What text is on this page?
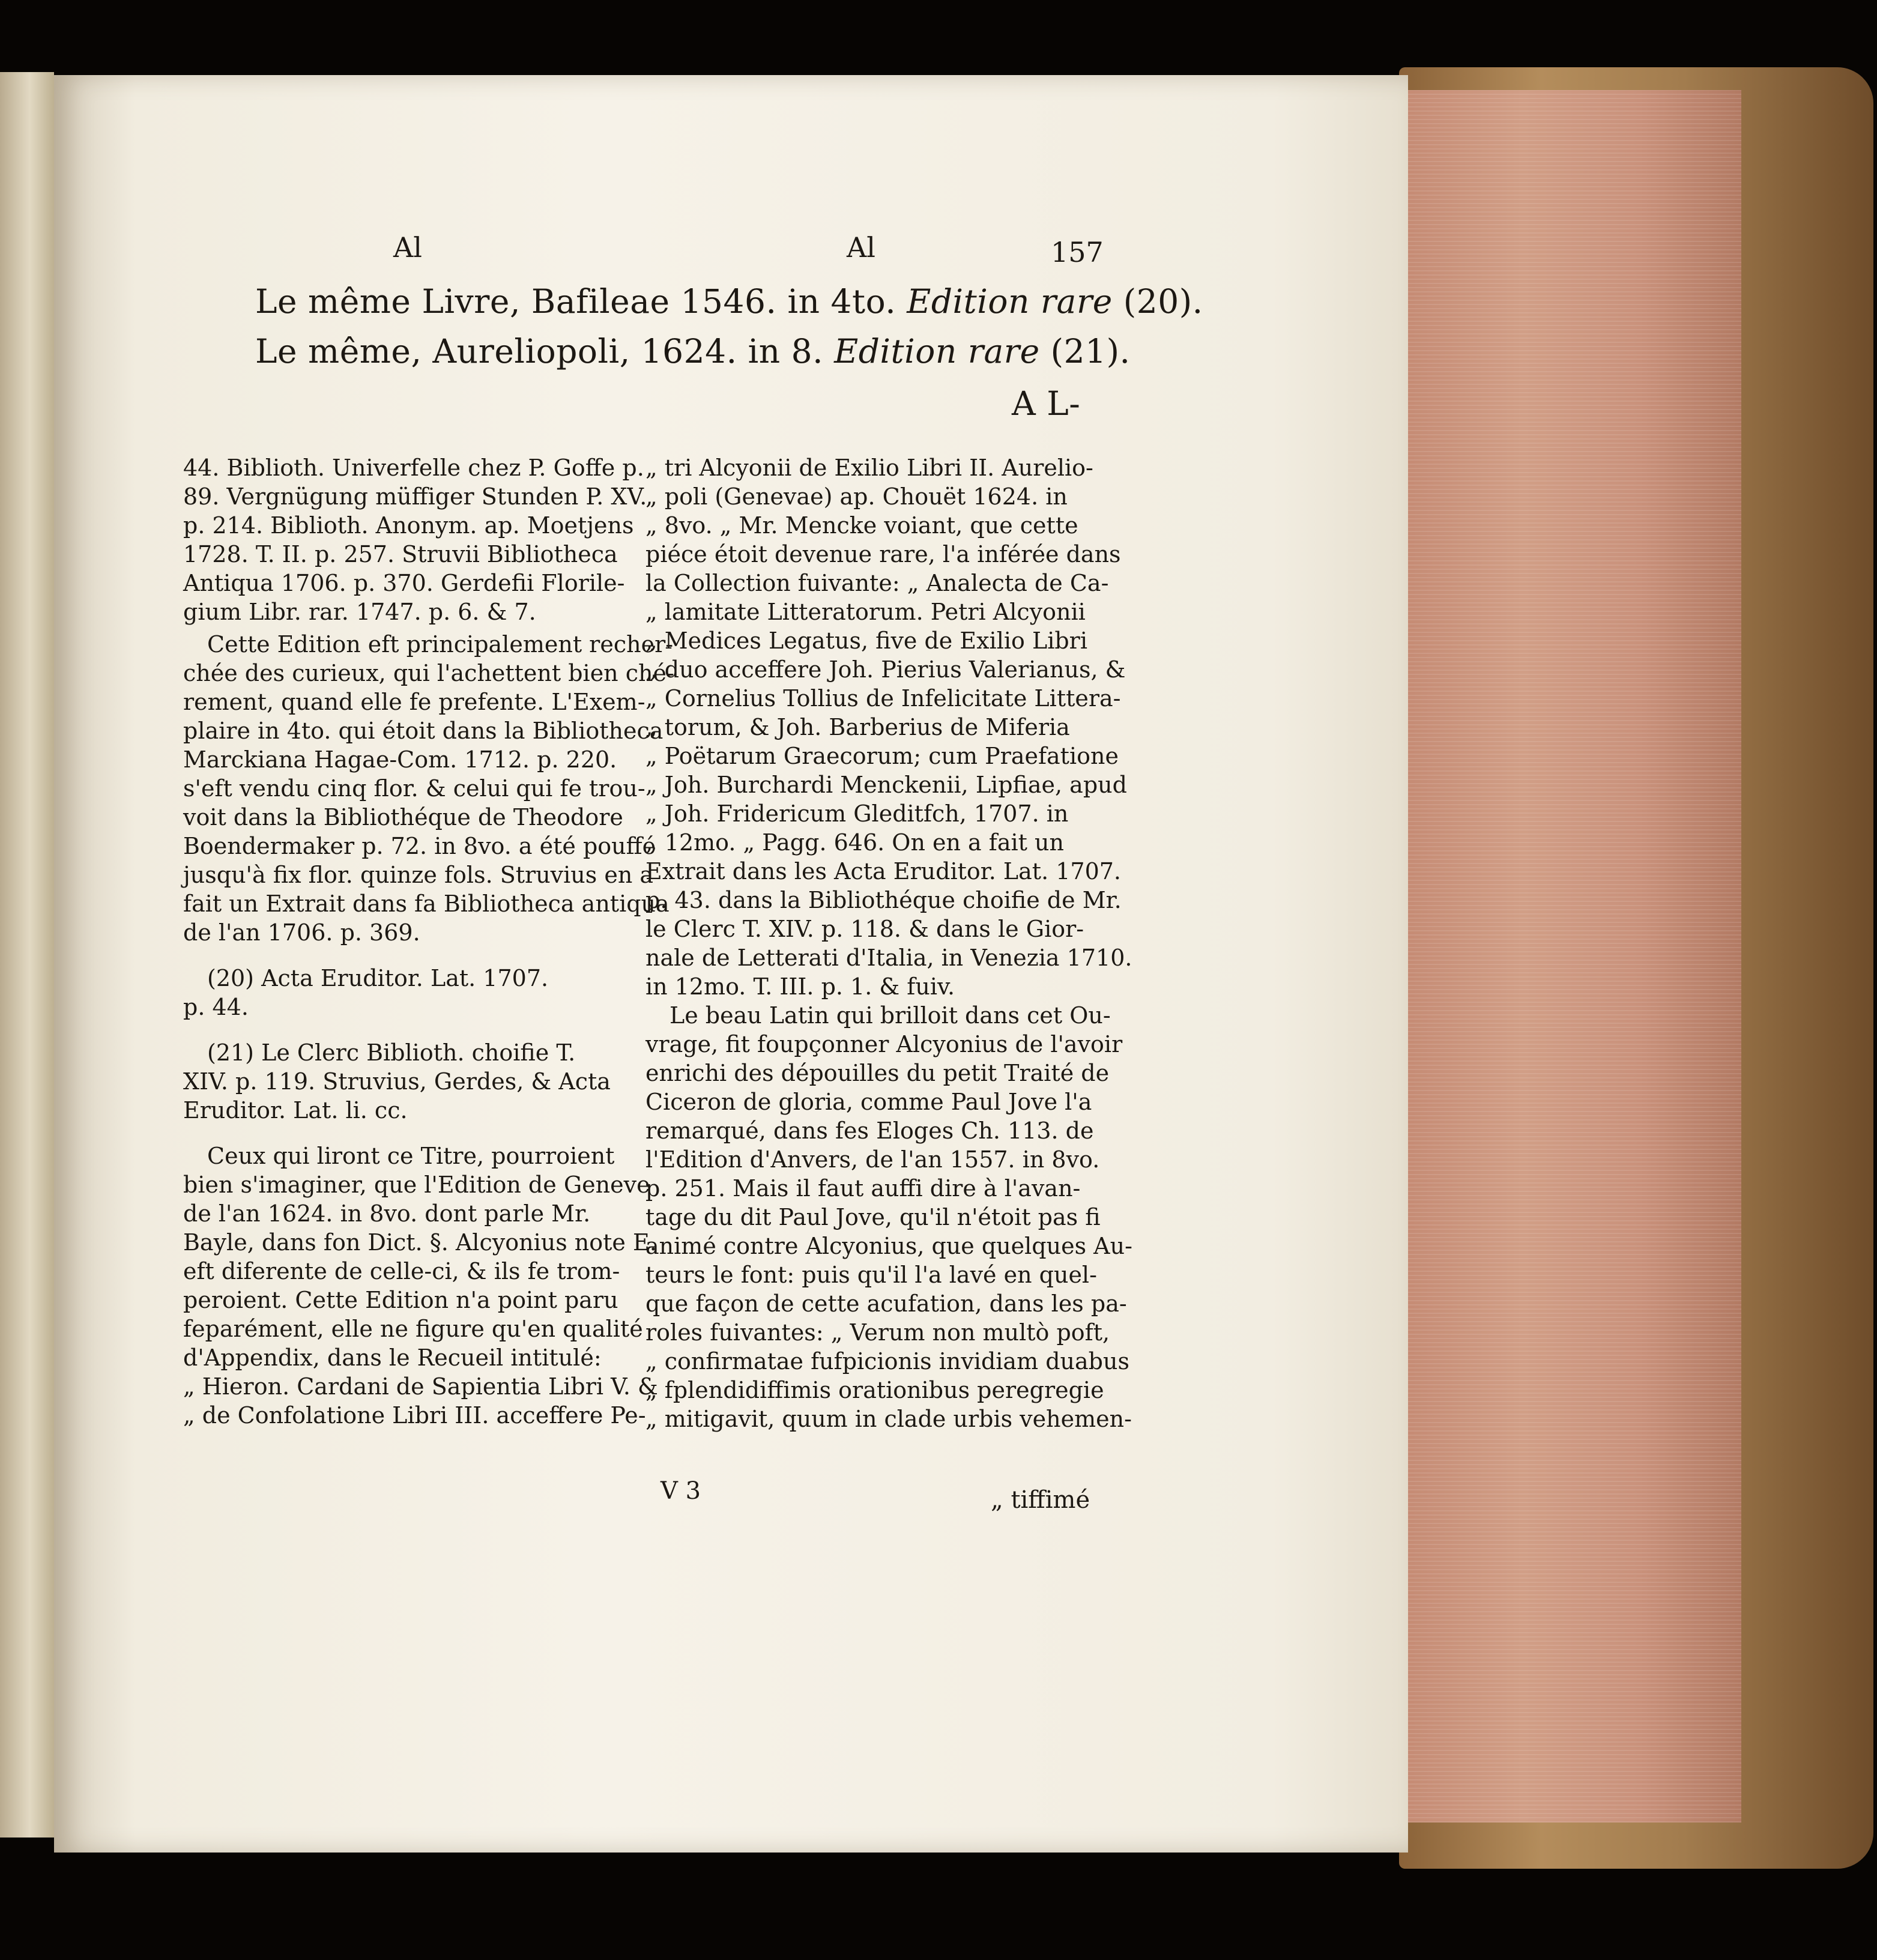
Al	Al	157
Le même Livre, Bafileae 1546. in 4to. Edition rare (20).
Le même, Aureliopoli, 1624. in 8. Edition rare (21).
A L-
44. Biblioth. Univerfelle chez P. Goffe p.
89. Vergnügung müffiger Stunden P. XV.
p. 214. Biblioth. Anonym. ap. Moetjens
1728. T. II. p. 257. Struvii Bibliotheca
Antiqua 1706. p. 370. Gerdefii Florile-
gium Libr. rar. 1747. p. 6. & 7.
Cette Edition eft principalement recher-
chée des curieux, qui l'achettent bien ché-
rement, quand elle fe prefente. L'Exem-
plaire in 4to. qui étoit dans la Bibliotheca
Marckiana Hagae-Com. 1712. p. 220.
s'eft vendu cinq flor. & celui qui fe trou-
voit dans la Bibliothéque de Theodore
Boendermaker p. 72. in 8vo. a été pouffé
jusqu'à fix flor. quinze fols. Struvius en a
fait un Extrait dans fa Bibliotheca antiqua
de l'an 1706. p. 369.
(20) Acta Eruditor. Lat. 1707.
p. 44.
(21) Le Clerc Biblioth. choifie T.
XIV. p. 119. Struvius, Gerdes, & Acta
Eruditor. Lat. li. cc.
Ceux qui liront ce Titre, pourroient
bien s'imaginer, que l'Edition de Geneve
de l'an 1624. in 8vo. dont parle Mr.
Bayle, dans fon Dict. §. Alcyonius note E.
eft diferente de celle-ci, & ils fe trom-
peroient. Cette Edition n'a point paru
feparément, elle ne figure qu'en qualité
d'Appendix, dans le Recueil intitulé:
„ Hieron. Cardani de Sapientia Libri V. &
„ de Confolatione Libri III. acceffere Pe-
„ tri Alcyonii de Exilio Libri II. Aurelio-
„ poli (Genevae) ap. Chouët 1624. in
„ 8vo. „ Mr. Mencke voiant, que cette
piéce étoit devenue rare, l'a inférée dans
la Collection fuivante: „ Analecta de Ca-
„ lamitate Litteratorum. Petri Alcyonii
„ Medices Legatus, five de Exilio Libri
„ duo acceffere Joh. Pierius Valerianus, &
„ Cornelius Tollius de Infelicitate Littera-
„ torum, & Joh. Barberius de Miferia
„ Poëtarum Graecorum; cum Praefatione
„ Joh. Burchardi Menckenii, Lipfiae, apud
„ Joh. Fridericum Gleditfch, 1707. in
„ 12mo. „ Pagg. 646. On en a fait un
Extrait dans les Acta Eruditor. Lat. 1707.
p. 43. dans la Bibliothéque choifie de Mr.
le Clerc T. XIV. p. 118. & dans le Gior-
nale de Letterati d'Italia, in Venezia 1710.
in 12mo. T. III. p. 1. & fuiv.
Le beau Latin qui brilloit dans cet Ou-
vrage, fit foupçonner Alcyonius de l'avoir
enrichi des dépouilles du petit Traité de
Ciceron de gloria, comme Paul Jove l'a
remarqué, dans fes Eloges Ch. 113. de
l'Edition d'Anvers, de l'an 1557. in 8vo.
p. 251. Mais il faut auffi dire à l'avan-
tage du dit Paul Jove, qu'il n'étoit pas fi
animé contre Alcyonius, que quelques Au-
teurs le font: puis qu'il l'a lavé en quel-
que façon de cette acufation, dans les pa-
roles fuivantes: „ Verum non multò poft,
„ confirmatae fufpicionis invidiam duabus
„ fplendidiffimis orationibus peregregie
„ mitigavit, quum in clade urbis vehemen-
V 3	„ tiffimé
